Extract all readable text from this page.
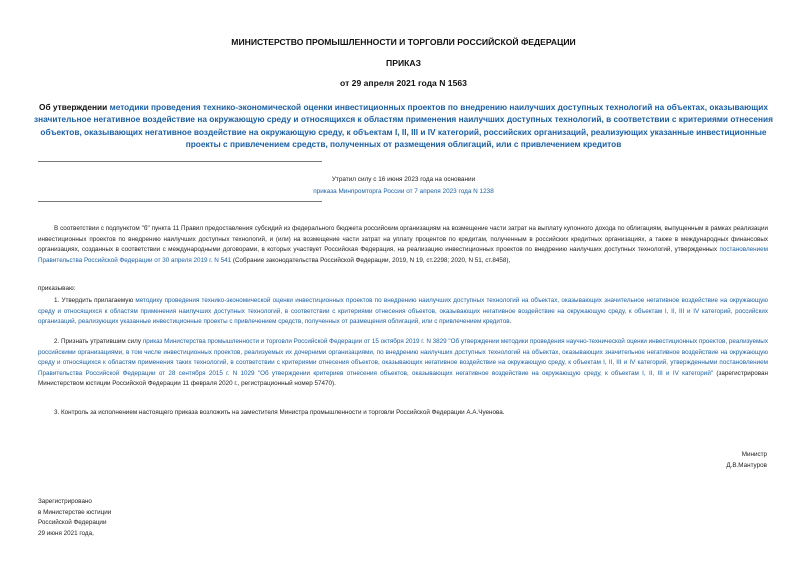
МИНИСТЕРСТВО ПРОМЫШЛЕННОСТИ И ТОРГОВЛИ РОССИЙСКОЙ ФЕДЕРАЦИИ
ПРИКАЗ
от 29 апреля 2021 года N 1563
Об утверждении методики проведения технико-экономической оценки инвестиционных проектов по внедрению наилучших доступных технологий на объектах, оказывающих значительное негативное воздействие на окружающую среду и относящихся к областям применения наилучших доступных технологий, в соответствии с критериями отнесения объектов, оказывающих негативное воздействие на окружающую среду, к объектам I, II, III и IV категорий, российских организаций, реализующих указанные инвестиционные проекты с привлечением средств, полученных от размещения облигаций, или с привлечением кредитов
Утратил силу с 16 июня 2023 года на основании
приказа Минпромторга России от 7 апреля 2023 года N 1238
В соответствии с подпунктом "б" пункта 11 Правил предоставления субсидий из федерального бюджета российским организациям на возмещение части затрат на выплату купонного дохода по облигациям, выпущенным в рамках реализации инвестиционных проектов по внедрению наилучших доступных технологий, и (или) на возмещение части затрат на уплату процентов по кредитам, полученным в российских кредитных организациях, а также в международных финансовых организациях, созданных в соответствии с международными договорами, в которых участвует Российская Федерация, на реализацию инвестиционных проектов по внедрению наилучших доступных технологий, утвержденных постановлением Правительства Российской Федерации от 30 апреля 2019 г. N 541 (Собрание законодательства Российской Федерации, 2019, N 19, ст.2298; 2020, N 51, ст.8458),
приказываю:
1. Утвердить прилагаемую методику проведения технико-экономической оценки инвестиционных проектов по внедрению наилучших доступных технологий на объектах, оказывающих значительное негативное воздействие на окружающую среду и относящихся к областям применения наилучших доступных технологий, в соответствии с критериями отнесения объектов, оказывающих негативное воздействие на окружающую среду, к объектам I, II, III и IV категорий, российских организаций, реализующих указанные инвестиционные проекты с привлечением средств, полученных от размещения облигаций, или с привлечением кредитов.
2. Признать утратившим силу приказ Министерства промышленности и торговли Российской Федерации от 15 октября 2019 г. N 3829 "Об утверждении методики проведения научно-технической оценки инвестиционных проектов, реализуемых российскими организациями, в том числе инвестиционных проектов, реализуемых их дочерними организациями, по внедрению наилучших доступных технологий на объектах, оказывающих значительное негативное воздействие на окружающую среду и относящихся к областям применения таких технологий, в соответствии с критериями отнесения объектов, оказывающих негативное воздействие на окружающую среду, к объектам I, II, III и IV категорий, утвержденными постановлением Правительства Российской Федерации от 28 сентября 2015 г. N 1029 "Об утверждении критериев отнесения объектов, оказывающих негативное воздействие на окружающую среду, к объектам I, II, III и IV категорий" (зарегистрирован Министерством юстиции Российской Федерации 11 февраля 2020 г., регистрационный номер 57470).
3. Контроль за исполнением настоящего приказа возложить на заместителя Министра промышленности и торговли Российской Федерации А.А.Чуенова.
Министр
Д.В.Мантуров
Зарегистрировано
в Министерстве юстиции
Российской Федерации
29 июня 2021 года,
